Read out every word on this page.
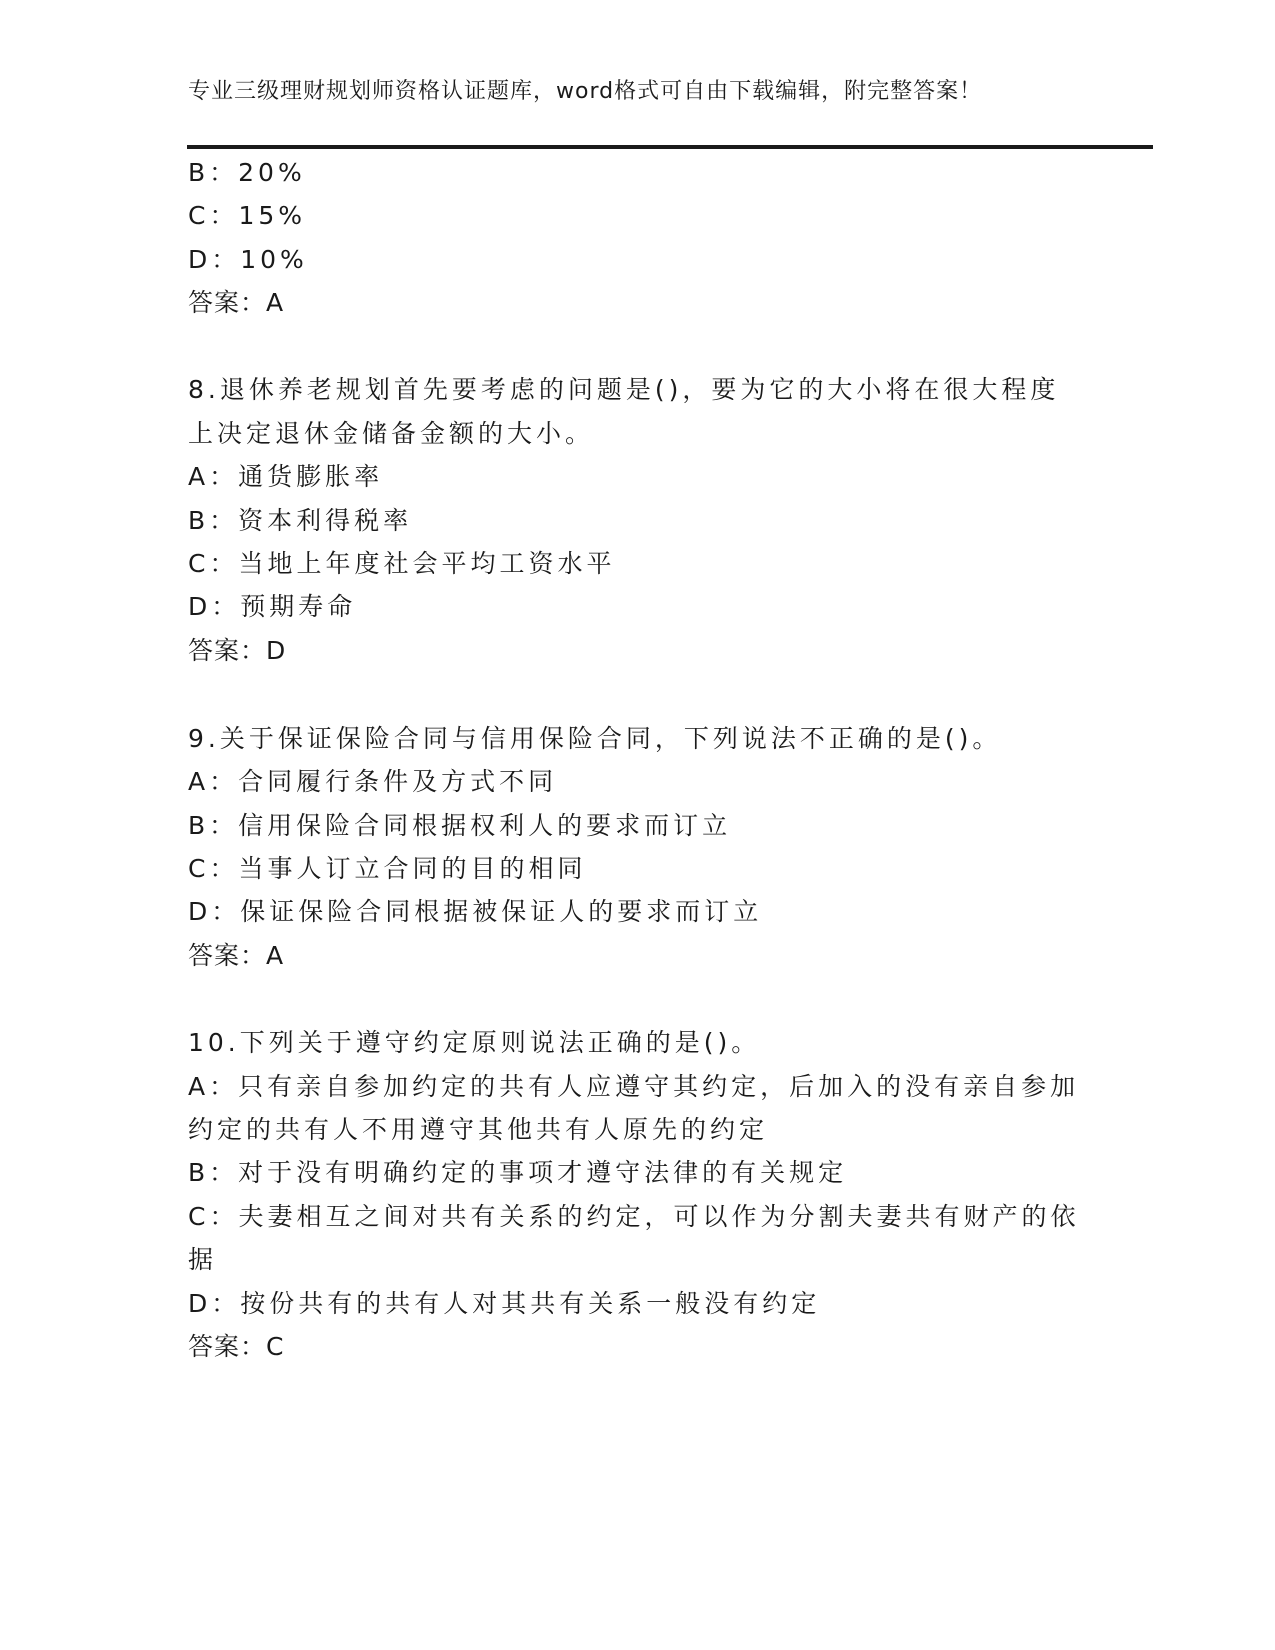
专业三级理财规划师资格认证题库，word格式可自由下载编辑，附完整答案！
B：20%
C：15%
D：10%
答案：A
8.退休养老规划首先要考虑的问题是()，要为它的大小将在很大程度
上决定退休金储备金额的大小。
A：通货膨胀率
B：资本利得税率
C：当地上年度社会平均工资水平
D：预期寿命
答案：D
9.关于保证保险合同与信用保险合同，下列说法不正确的是()。
A：合同履行条件及方式不同
B：信用保险合同根据权利人的要求而订立
C：当事人订立合同的目的相同
D：保证保险合同根据被保证人的要求而订立
答案：A
10.下列关于遵守约定原则说法正确的是()。
A：只有亲自参加约定的共有人应遵守其约定，后加入的没有亲自参加
约定的共有人不用遵守其他共有人原先的约定
B：对于没有明确约定的事项才遵守法律的有关规定
C：夫妻相互之间对共有关系的约定，可以作为分割夫妻共有财产的依
据
D：按份共有的共有人对其共有关系一般没有约定
答案：C
